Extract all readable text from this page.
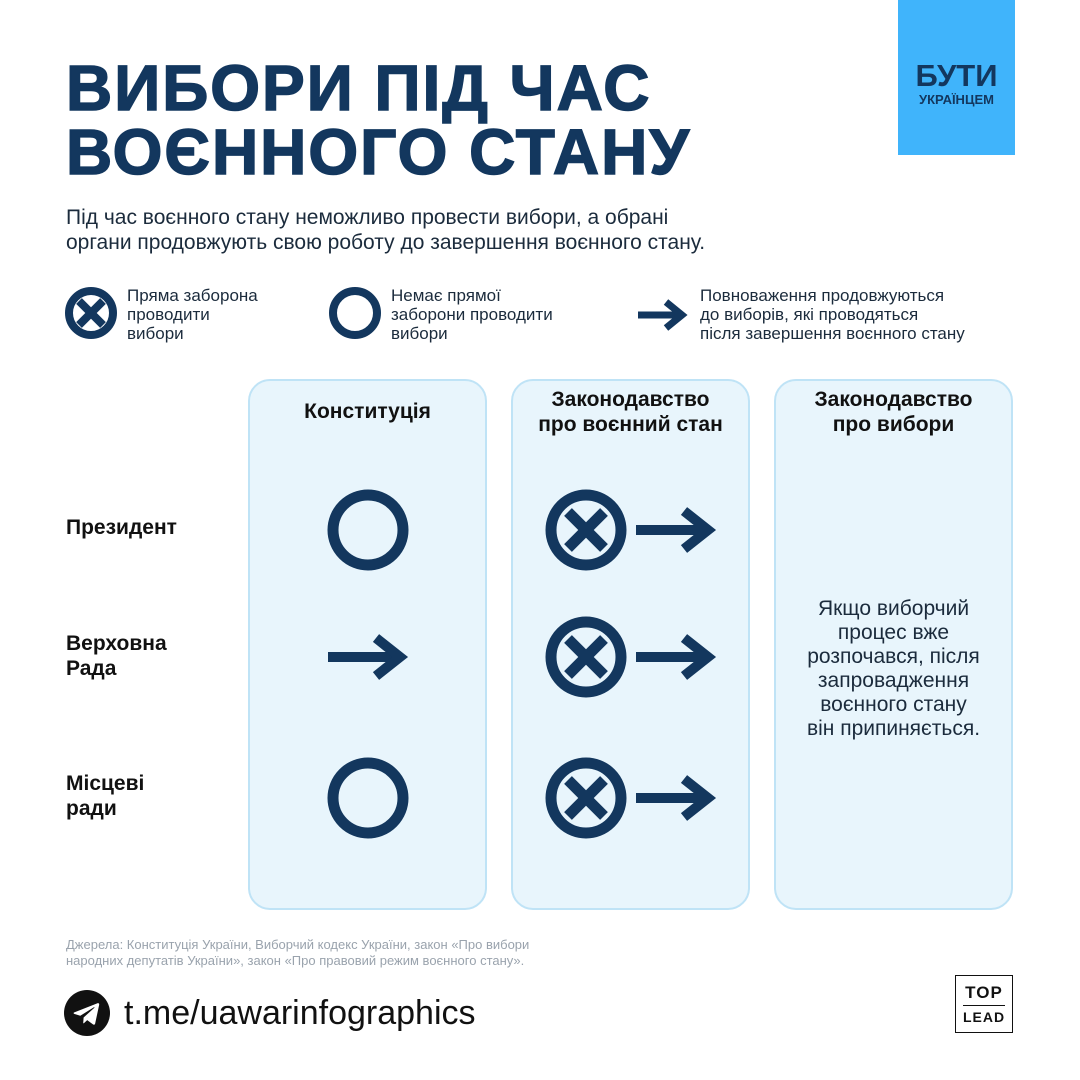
ВИБОРИ ПІД ЧАС
ВОЄННОГО СТАНУ
БУТИ
УКРАЇНЦЕМ
Під час воєнного стану неможливо провести вибори, а обрані
органи продовжують свою роботу до завершення воєнного стану.
Пряма заборона
проводити
вибори
Немає прямої
заборони проводити
вибори
Повноваження продовжуються
до виборів, які проводяться
після завершення воєнного стану
Конституція
Законодавство
про воєнний стан
Законодавство
про вибори
Президент
Верховна
Рада
Місцеві
ради
Якщо виборчий
процес вже
розпочався, після
запровадження
воєнного стану
він припиняється.
Джерела: Конституція України, Виборчий кодекс України, закон «Про вибори
народних депутатів України», закон «Про правовий режим воєнного стану».
t.me/uawarinfographics
TOP
LEAD
